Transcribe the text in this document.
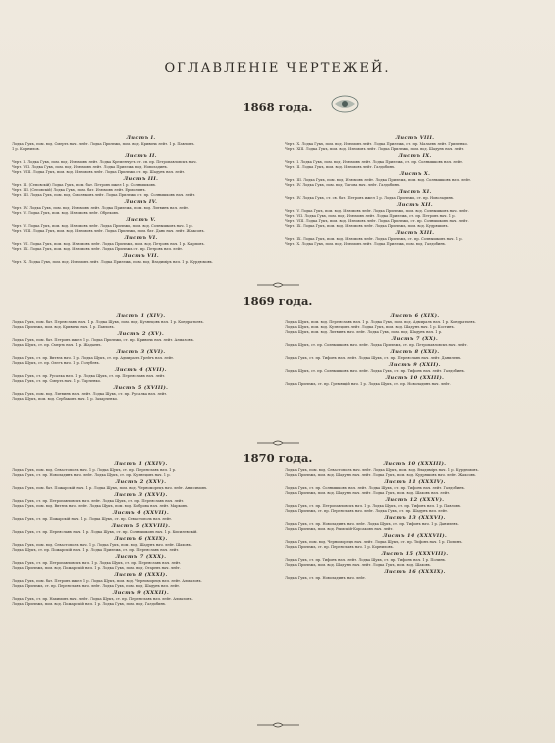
ОГЛАВЛЕНІЕ ЧЕРТЕЖЕЙ.
1868 года.
1869 года.
1870 года.
Листъ I.
Лодка Гукъ, пом. вод. Смерть нач. лейт. Лодка Прилежь, пом. вод. Кривичь лейт. 1 р. Павловъ.
1 р. Корнилов.
Листъ II.
Черт. I. Лодка Гукъ, пом. вод. Изюмовъ лейт. Лодка Кременчугъ ст. св. пр. Петропавловскъ нач.
Черт. VII. Лодка Гукъ, пом. вод. Изюмовъ лейт. Лодка Прилежь вод. Новоладинъ.
Черт. VIII. Лодка Гукъ, пом. вод. Изюмовъ лейт. Лодка Прилежь ст. пр. Шадунъ нач. лейт.
Листъ III.
Черт. II. (Сеповскій) Лодка Гукъ, пом. бат. Петровъ ижел 1 р. Солнышковъ.
Черт. III. (Сеповскій) Лодка Гукъ, пом. бат. Изюмовъ лейт. Ермолинъ.
Черт. III. Лодка Гукъ, пом. вод. Смоляковъ лейт. Лодка Прилежь ст. пр. Солнышковъ нач. лейт.
Листъ IV.
Черт. IV. Лодка Гукъ, пом. вод. Изюмовъ лейт. Лодка Прилежь, пом. вод. Литвинъ нач. лейт.
Черт. V. Лодка Гукъ, пом. вод. Изюмовъ лейт. Обрековъ.
Листъ V.
Черт. V. Лодка Гукъ, пом. вод. Изюмовъ лейт. Лодка Прилежь, пом. вод. Солнышковъ нач. 1 р.
Черт. VIII. Лодка Гукъ, пом. вод. Изюмовъ лейт. Лодка Прилежь, пом. бат. Дань нач. лейт. Жаксовъ.
Листъ VI.
Черт. VI. Лодка Гукъ, пом. вод. Изюмовъ лейт. Лодка Прилежь, пом. вод. Петровъ нач. 1 р. Карповъ.
Черт. IX. Лодка Гукъ, пом. вод. Изюмовъ лейт. Лодка Прилежь ст. пр. Петровъ нач. лейт.
Листъ VII.
Черт. X. Лодка Гукъ, пом. вод. Изюмовъ лейт. Лодка Прилежь, пом. вод. Владиміръ нач. 1 р. Курдюмовъ.
Листъ VIII.
Черт. X. Лодка Гукъ, пом. вод. Изюмовъ лейт. Лодка Прилежь, ст. пр. Малаевъ лейт. Грипенко.
Черт. XIII. Лодка Гукъ, пом. вод. Изюмовъ лейт. Лодка Прилежь, пом. вод. Шадунъ нач. лейт.
Листъ IX.
Черт. I. Лодка Гукъ, пом. вод. Изюмовъ лейт. Лодка Прилежь, ст. пр. Солнышковъ нач. лейт.
Черт. II. Лодка Гукъ, пом. вод. Изюмовъ лейт. Галдобинъ.
Листъ X.
Черт. III. Лодка Гукъ, пом. вод. Изюмовъ лейт. Лодка Прилежь, пом. вод. Солнышковъ нач. лейт.
Черт. IV. Лодка Гукъ, пом. вод. Тагова нач. лейт. Галдобинъ.
Листъ XI.
Черт. IV. Лодка Гукъ, ст. св. бат. Петровъ ижел 1 р. Лодка Прилежь, ст. пр. Новоладинъ.
Листъ XII.
Черт. V. Лодка Гукъ, пом. вод. Изюмовъ лейт. Лодка Прилежь, пом. вод. Солнышковъ нач. лейт.
Черт. VII. Лодка Гукъ, пом. вод. Изюмовъ лейт. Лодка Прилежь, ст. пр. Петровъ нач. 1 р.
Черт. VIII. Лодка Гукъ, пом. вод. Изюмовъ лейт. Лодка Прилежь, ст. пр. Солнышковъ нач. лейт.
Черт. IX. Лодка Гукъ, пом. вод. Изюмовъ лейт. Лодка Прилежь, пом. вод. Кудряшовъ.
Листъ XIII.
Черт. IX. Лодка Гукъ, пом. вод. Изюмовъ лейт. Лодка Прилежь, ст. пр. Солнышковъ нач. 1 р.
Черт. X. Лодка Гукъ, пом. вод. Изюмовъ лейт. Лодка Прилежь, пом. вод. Галдобинъ.
Листъ 1 (XIV).
Лодка Гукъ, пом. бат. Переяславъ нач. 1 р. Лодка Щукъ, пом. вод. Кузнецовъ нач. 1 р. Кондратьевъ.
Лодка Прилежь, пом. вод. Кривичь нач. 1 р. Павловъ.
Листъ 2 (XV).
Лодка Гукъ, пом. бат. Петровъ ижел 1 р. Лодка Прилежь, ст. пр. Кривичь нач. лейт. Алмазовъ.
Лодка Щукъ, ст. пр. Смерть нач. 1 р. Жадаевъ.
Листъ 3 (XVI).
Лодка Гукъ, ст. пр. Витязь нач. 1 р. Лодка Щукъ, ст. пр. Адмиралъ Грейгъ нач. лейт.
Лодка Щукъ, ст. пр. Олегъ нач. 1 р. Голубевъ.
Листъ 4 (XVII).
Лодка Гукъ, ст. пр. Русалка нач. 1 р. Лодка Щукъ, ст. пр. Переяславъ нач. лейт.
Лодка Гукъ, ст. пр. Смерть нач. 1 р. Тарченко.
Листъ 5 (XVIII).
Лодка Гукъ, пом. вод. Литвинъ нач. лейт. Лодка Щукъ, ст. пр. Русалка нач. лейт.
Лодка Щукъ, пом. вод. Сербаковъ нач. 1 р. Захарченко.
Листъ 6 (XIX).
Лодка Щукъ, пом. вод. Переяславъ нач. 1 р. Лодка Гукъ, пом. вод. Адмиралъ нач. 1 р. Кондратьевъ.
Лодка Щукъ, пом. вод. Кузнецовъ лейт. Лодка Гукъ, пом. вод. Шадунъ нач. 1 р. Костинъ.
Лодка Щукъ, пом. вод. Литвинъ нач. лейт. Лодка Гукъ, пом. вод. Шадунъ нач. 1 р.
Листъ 7 (XX).
Лодка Щукъ, ст. пр. Солнышковъ нач. лейт. Лодка Прилежь, ст. пр. Петропавловскъ нач. лейт.
Листъ 8 (XXI).
Лодка Гукъ, ст. пр. Тифонъ нач. лейт. Лодка Щукъ, ст. пр. Переяславъ нач. лейт. Данилевъ.
Листъ 9 (XXII).
Лодка Щукъ, ст. пр. Солнышковъ нач. лейт. Лодка Гукъ, ст. пр. Тифонъ нач. лейт. Галдобинъ.
Листъ 10 (XXIII).
Лодка Прилежь, ст. пр. Гремящій нач. 1 р. Лодка Щукъ, ст. пр. Новоладинъ нач. лейт.
Листъ 1 (XXIV).
Лодка Гукъ, пом. вод. Севастополь нач. 1 р. Лодка Щукъ, ст. пр. Переяславъ нач. 1 р.
Лодка Гукъ, ст. пр. Новоладинъ нач. лейт. Лодка Щукъ, ст. пр. Кузнецовъ нач. 1 р.
Листъ 2 (XXV).
Лодка Гукъ, пом. бат. Пожарскій нач. 1 р. Лодка Щукъ, пом. вод. Черноморецъ нач. лейт. Анисимовъ.
Листъ 3 (XXVI).
Лодка Гукъ, ст. пр. Петропавловскъ нач. лейт. Лодка Щукъ, ст. пр. Переяславъ нач. лейт.
Лодка Гукъ, пом. вод. Витязь нач. лейт. Лодка Щукъ, пом. вод. Боброва нач. лейт. Марковъ.
Листъ 4 (XXVII).
Лодка Гукъ, ст. пр. Пожарскій нач. 1 р. Лодка Щукъ, ст. пр. Севастополь нач. лейт.
Листъ 5 (XXVIII).
Лодка Гукъ, ст. пр. Переяславъ нач. 1 р. Лодка Щукъ, ст. пр. Солнышковъ нач. 1 р. Кисилевскій.
Листъ 6 (XXIX).
Лодка Гукъ, пом. вод. Севастополь нач. 1 р. Лодка Гукъ, пом. вод. Шадунъ нач. лейт. Шаховъ.
Лодка Щукъ, ст. пр. Пожарскій нач. 1 р. Лодка Прилежь, ст. пр. Переяславъ нач. лейт.
Листъ 7 (XXX).
Лодка Гукъ, ст. пр. Петропавловскъ нач. 1 р. Лодка Щукъ, ст. пр. Переяславъ нач. лейт.
Лодка Прилежь, пом. вод. Пожарскій нач. 1 р. Лодка Гукъ, пом. вод. Огаревъ нач. лейт.
Листъ 8 (XXXI).
Лодка Гукъ, пом. бат. Петровъ ижел 1 р. Лодка Щукъ, пом. вод. Черноморецъ нач. лейт. Алмазовъ.
Лодка Прилежь, ст. пр. Переяславъ нач. лейт. Лодка Гукъ, пом. вод. Шадунъ нач. лейт.
Листъ 9 (XXXII).
Лодка Гукъ, ст. пр. Нахимовъ нач. лейт. Лодка Щукъ, ст. пр. Переяславъ нач. лейт. Алмазовъ.
Лодка Прилежь, пом. вод. Пожарскій нач. 1 р. Лодка Гукъ, пом. вод. Галдобинъ.
Листъ 10 (XXXIII).
Лодка Гукъ, пом. вод. Севастополь нач. лейт. Лодка Щукъ, пом. вод. Владиміръ нач. 1 р. Курдюмовъ.
Лодка Прилежь, пом. вод. Шадунъ нач. лейт. Лодка Гукъ, пом. вод. Кудряшовъ нач. лейт. Жаксовъ.
Листъ 11 (XXXIV).
Лодка Гукъ, ст. пр. Солнышковъ нач. лейт. Лодка Щукъ, ст. пр. Тифонъ нач. лейт. Галдобинъ.
Лодка Прилежь, пом. вод. Шадунъ нач. лейт. Лодка Гукъ, пом. вод. Шаховъ нач. лейт.
Листъ 12 (XXXV).
Лодка Гукъ, ст. пр. Петропавловскъ нач. 1 р. Лодка Щукъ, ст. пр. Тифонъ нач. 1 р. Павловъ.
Лодка Прилежь, ст. пр. Переяславъ нач. лейт. Лодка Гукъ, ст. пр. Шадунъ нач. лейт.
Листъ 13 (XXXVI).
Лодка Гукъ, ст. пр. Новоладинъ нач. лейт. Лодка Щукъ, ст. пр. Тифонъ нач. 1 р. Данилевъ.
Лодка Прилежь, пом. вод. Рымскій-Корсаковъ нач. лейт.
Листъ 14 (XXXVII).
Лодка Гукъ, пом. вод. Черноморецъ нач. лейт. Лодка Щукъ, ст. пр. Тифонъ нач. 1 р. Полинъ.
Лодка Прилежь, ст. пр. Переяславъ нач. 1 р. Корниловъ.
Листъ 15 (XXXVIII).
Лодка Гукъ, ст. пр. Тифонъ нач. лейт. Лодка Щукъ, ст. пр. Тифонъ нач. 1 р. Полинъ.
Лодка Прилежь, пом. вод. Шадунъ нач. лейт. Лодка Гукъ, пом. вод. Шаховъ.
Листъ 16 (XXXIX).
Лодка Гукъ, ст. пр. Новоладинъ нач. лейт.
